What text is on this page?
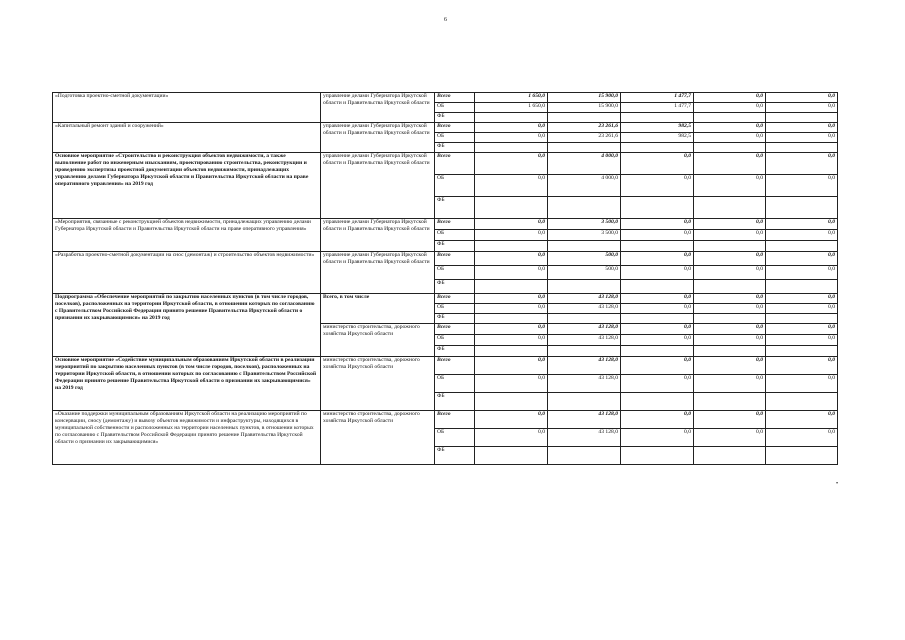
6
«Подготовка проектно-сметной документации»	управление делами Губернатора Иркутской области и Правительства Иркутской области	Всего	1 650,0	15 900,0	1 477,7	0,0	0,0
		ОБ	1 650,0	15 900,0	1 477,7	0,0	0,0
		ФБ					
«Капитальный ремонт зданий и сооружений»	управление делами Губернатора Иркутской области и Правительства Иркутской области	Всего	0,0	23 261,6	982,5	0,0	0,0
		ОБ	0,0	23 261,6	982,5	0,0	0,0
		ФБ					
Основное мероприятие «Строительство и реконструкция объектов недвижимости, а также выполнение работ по инженерным изысканиям, проектированию строительства, реконструкции и проведению экспертизы проектной документации объектов недвижимости, принадлежащих управлению делами Губернатора Иркутской области и Правительства Иркутской области на праве оперативного управления» на 2019 год	управление делами Губернатора Иркутской области и Правительства Иркутской области	Всего	0,0	4 000,0	0,0	0,0	0,0
		ОБ	0,0	4 000,0	0,0	0,0	0,0
		ФБ					
«Мероприятия, связанные с реконструкцией объектов недвижимости, принадлежащих управлению делами Губернатора Иркутской области и Правительства Иркутской области на праве оперативного управления»	управление делами Губернатора Иркутской области и Правительства Иркутской области	Всего	0,0	3 500,0	0,0	0,0	0,0
		ОБ	0,0	3 500,0	0,0	0,0	0,0
		ФБ					
«Разработка проектно-сметной документации на снос (демонтаж) и строительство объектов недвижимости»	управление делами Губернатора Иркутской области и Правительства Иркутской области	Всего	0,0	500,0	0,0	0,0	0,0
		ОБ	0,0	500,0	0,0	0,0	0,0
		ФБ					
Подпрограмма «Обеспечение мероприятий по закрытию населенных пунктов (в том числе городов, поселков), расположенных на территории Иркутской области, в отношении которых по согласованию с Правительством Российской Федерации принято решение Правительства Иркутской области о признании их закрывающимися» на 2019 год	Всего, в том числе	Всего	0,0	43 128,0	0,0	0,0	0,0
		ОБ	0,0	43 128,0	0,0	0,0	0,0
		ФБ					
	министерство строительства, дорожного хозяйства Иркутской области	Всего	0,0	43 128,0	0,0	0,0	0,0
		ОБ	0,0	43 128,0	0,0	0,0	0,0
		ФБ					
Основное мероприятие «Содействие муниципальным образованиям Иркутской области в реализации мероприятий по закрытию населенных пунктов (в том числе городов, поселков), расположенных на территории Иркутской области, в отношении которых по согласованию с Правительством Российской Федерации принято решение Правительства Иркутской области о признании их закрывающимися» на 2019 год	министерство строительства, дорожного хозяйства Иркутской области	Всего	0,0	43 128,0	0,0	0,0	0,0
		ОБ	0,0	43 128,0	0,0	0,0	0,0
		ФБ					
«Оказание поддержки муниципальным образованиям Иркутской области на реализацию мероприятий по консервации, сносу (демонтажу) и вывозу объектов недвижимости и инфраструктуры, находящихся в муниципальной собственности и расположенных на территории населенных пунктов, в отношении которых по согласованию с Правительством Российской Федерации принято решение Правительства Иркутской области о признании их закрывающимися»	министерство строительства, дорожного хозяйства Иркутской области	Всего	0,0	43 128,0	0,0	0,0	0,0
		ОБ	0,0	43 128,0	0,0	0,0	0,0
		ФБ					
•
